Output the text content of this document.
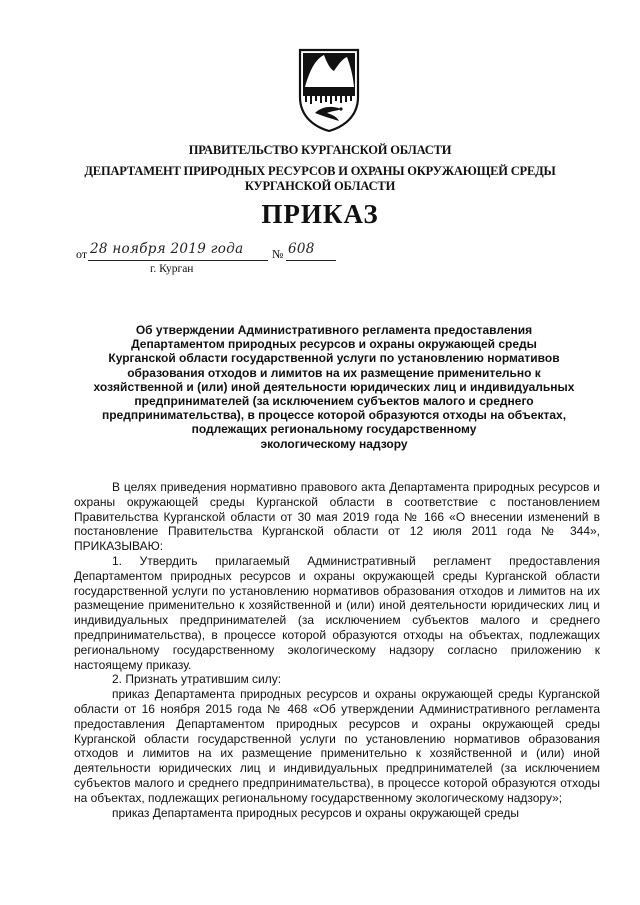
ПРАВИТЕЛЬСТВО КУРГАНСКОЙ ОБЛАСТИ
ДЕПАРТАМЕНТ ПРИРОДНЫХ РЕСУРСОВ И ОХРАНЫ ОКРУЖАЮЩЕЙ СРЕДЫ
КУРГАНСКОЙ ОБЛАСТИ
ПРИКАЗ
от 28 ноября 2019 года № 608
г. Курган
Об утверждении Административного регламента предоставления
Департаментом природных ресурсов и охраны окружающей среды
Курганской области государственной услуги по установлению нормативов
образования отходов и лимитов на их размещение применительно к
хозяйственной и (или) иной деятельности юридических лиц и индивидуальных
предпринимателей (за исключением субъектов малого и среднего
предпринимательства), в процессе которой образуются отходы на объектах,
подлежащих региональному государственному
экологическому надзору

В целях приведения нормативно правового акта Департамента природных ресурсов и охраны окружающей среды Курганской области в соответствие с постановлением Правительства Курганской области от 30 мая 2019 года № 166 «О внесении изменений в постановление Правительства Курганской области от 12 июля 2011 года № 344», ПРИКАЗЫВАЮ:

1. Утвердить прилагаемый Административный регламент предоставления Департаментом природных ресурсов и охраны окружающей среды Курганской области государственной услуги по установлению нормативов образования отходов и лимитов на их размещение применительно к хозяйственной и (или) иной деятельности юридических лиц и индивидуальных предпринимателей (за исключением субъектов малого и среднего предпринимательства), в процессе которой образуются отходы на объектах, подлежащих региональному государственному экологическому надзору согласно приложению к настоящему приказу.

2. Признать утратившим силу:

приказ Департамента природных ресурсов и охраны окружающей среды Курганской области от 16 ноября 2015 года № 468 «Об утверждении Административного регламента предоставления Департаментом природных ресурсов и охраны окружающей среды Курганской области государственной услуги по установлению нормативов образования отходов и лимитов на их размещение применительно к хозяйственной и (или) иной деятельности юридических лиц и индивидуальных предпринимателей (за исключением субъектов малого и среднего предпринимательства), в процессе которой образуются отходы на объектах, подлежащих региональному государственному экологическому надзору»;

приказ Департамента природных ресурсов и охраны окружающей среды
